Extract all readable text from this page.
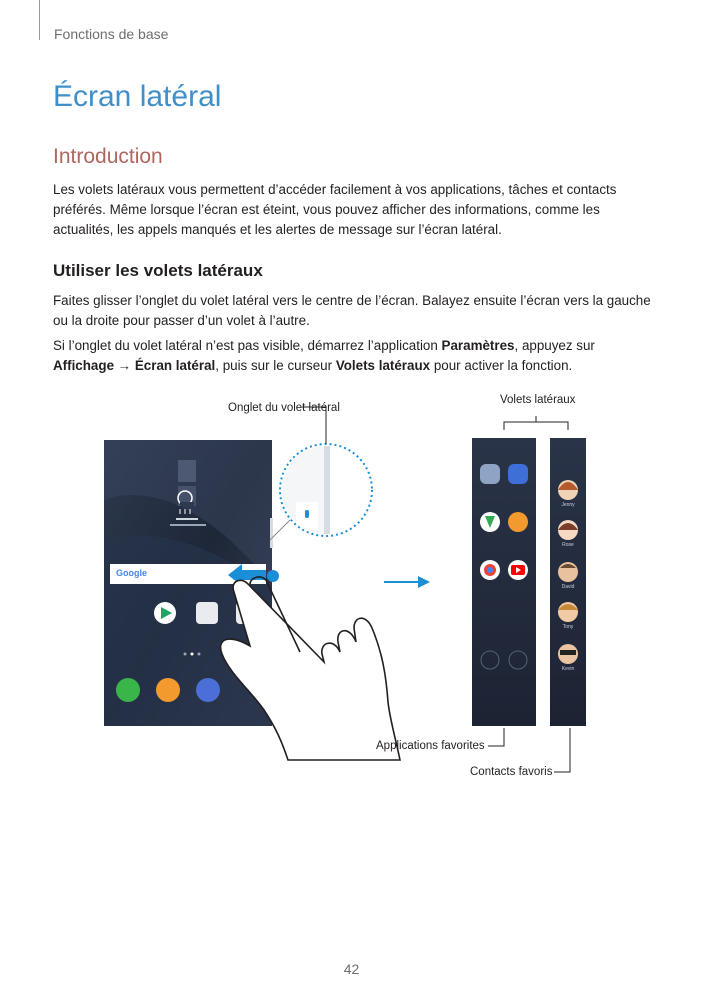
Fonctions de base
Écran latéral
Introduction

Les volets latéraux vous permettent d’accéder facilement à vos applications, tâches et contacts préférés. Même lorsque l’écran est éteint, vous pouvez afficher des informations, comme les actualités, les appels manqués et les alertes de message sur l’écran latéral.

Utiliser les volets latéraux

Faites glisser l’onglet du volet latéral vers le centre de l’écran. Balayez ensuite l’écran vers la gauche ou la droite pour passer d’un volet à l’autre.

Si l’onglet du volet latéral n’est pas visible, démarrez l’application Paramètres, appuyez sur Affichage → Écran latéral, puis sur le curseur Volets latéraux pour activer la fonction.

Onglet du volet latéral
Volets latéraux
Applications favorites
Contacts favoris
Google
Jenny
Rose
David
Tony
Kevin
42
